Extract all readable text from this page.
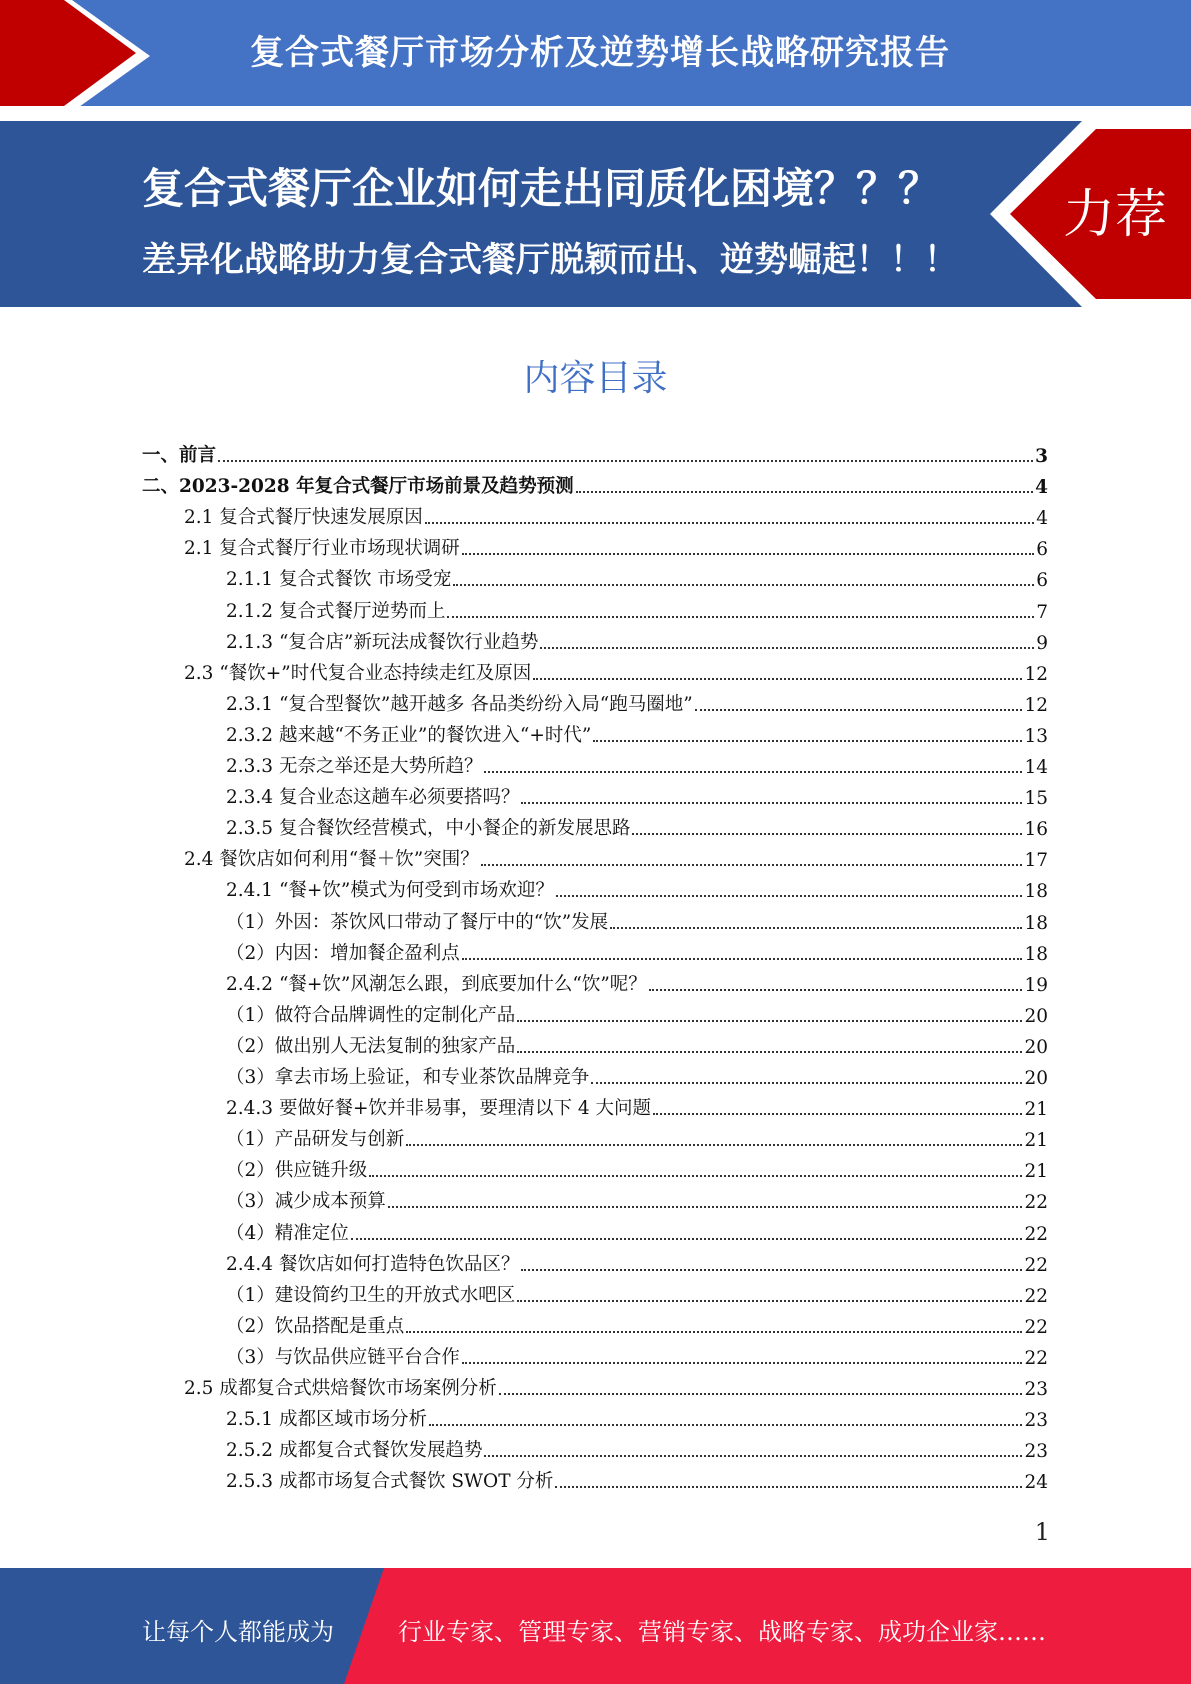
复合式餐厅市场分析及逆势增长战略研究报告
复合式餐厅企业如何走出同质化困境？？？
差异化战略助力复合式餐厅脱颖而出、逆势崛起！！！
力荐
内容目录
一、前言	3
二、2023-2028 年复合式餐厅市场前景及趋势预测	4
2.1 复合式餐厅快速发展原因	4
2.1 复合式餐厅行业市场现状调研	6
2.1.1 复合式餐饮 市场受宠	6
2.1.2 复合式餐厅逆势而上	7
2.1.3 “复合店”新玩法成餐饮行业趋势	9
2.3 “餐饮+”时代复合业态持续走红及原因	12
2.3.1 “复合型餐饮”越开越多 各品类纷纷入局“跑马圈地”	12
2.3.2 越来越“不务正业”的餐饮进入“+时代”	13
2.3.3 无奈之举还是大势所趋？	14
2.3.4 复合业态这趟车必须要搭吗？	15
2.3.5 复合餐饮经营模式，中小餐企的新发展思路	16
2.4 餐饮店如何利用“餐＋饮”突围？	17
2.4.1 “餐+饮”模式为何受到市场欢迎？	18
（1）外因：茶饮风口带动了餐厅中的“饮”发展	18
（2）内因：增加餐企盈利点	18
2.4.2 “餐+饮”风潮怎么跟，到底要加什么“饮”呢？	19
（1）做符合品牌调性的定制化产品	20
（2）做出别人无法复制的独家产品	20
（3）拿去市场上验证，和专业茶饮品牌竞争	20
2.4.3 要做好餐+饮并非易事，要理清以下 4 大问题	21
（1）产品研发与创新	21
（2）供应链升级	21
（3）减少成本预算	22
（4）精准定位	22
2.4.4 餐饮店如何打造特色饮品区？	22
（1）建设简约卫生的开放式水吧区	22
（2）饮品搭配是重点	22
（3）与饮品供应链平台合作	22
2.5 成都复合式烘焙餐饮市场案例分析	23
2.5.1 成都区域市场分析	23
2.5.2 成都复合式餐饮发展趋势	23
2.5.3 成都市场复合式餐饮 SWOT 分析	24
1
让每个人都能成为	行业专家、管理专家、营销专家、战略专家、成功企业家……
